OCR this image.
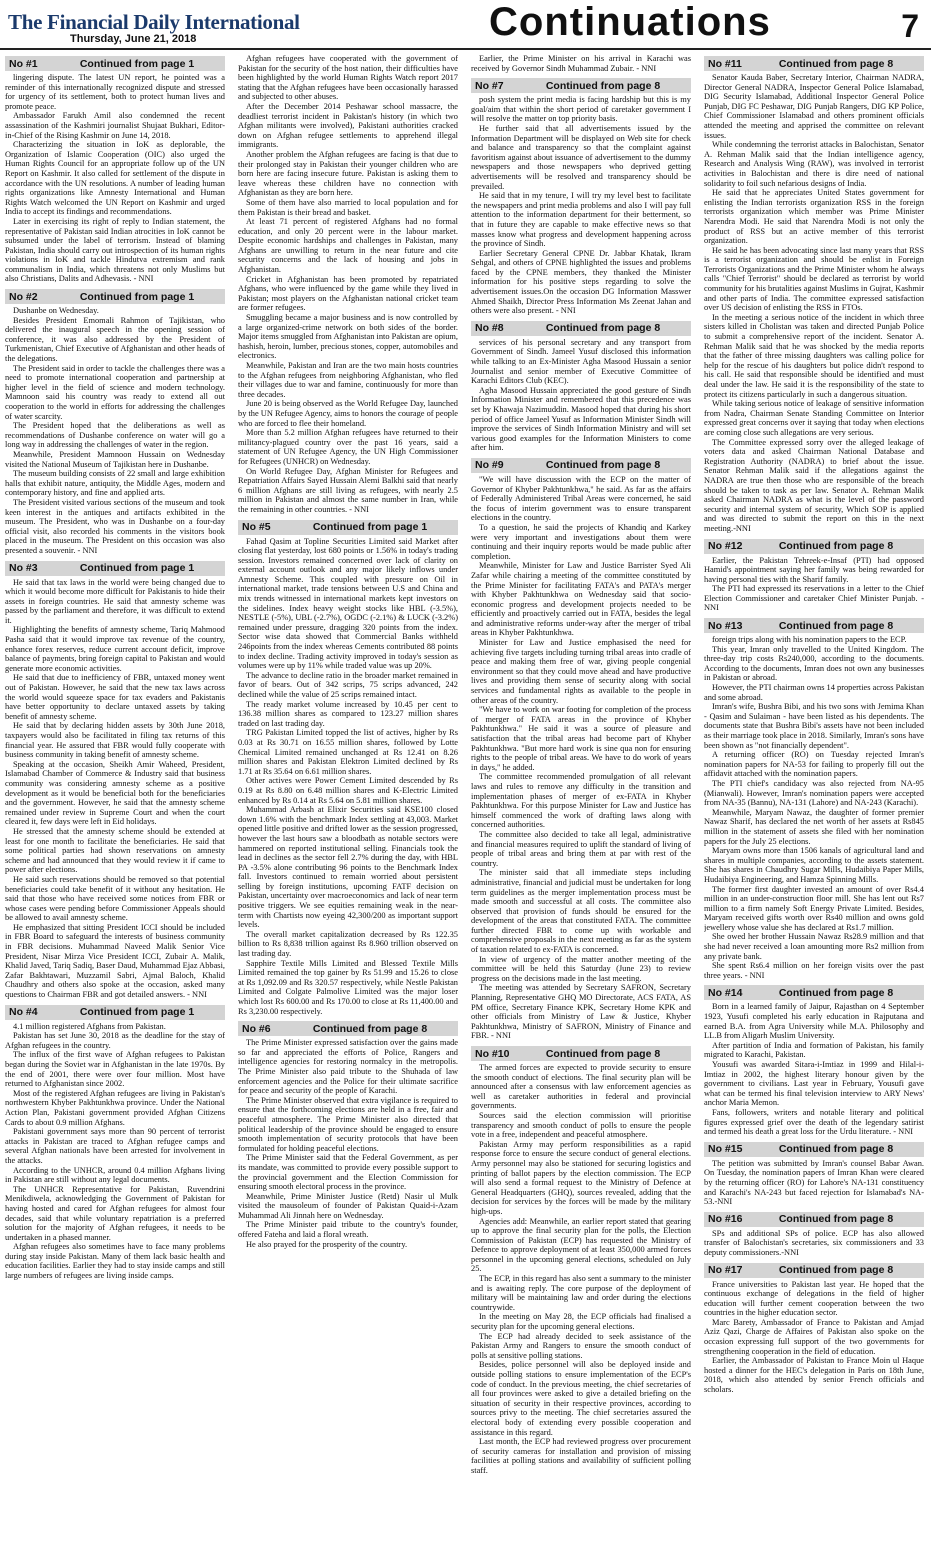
The Financial Daily International
Thursday, June 21, 2018	Continuations	7
No #1	Continued from page 1

lingering dispute. The latest UN report, he pointed was a reminder of this internationally recognized dispute and stressed for urgency of its settlement, both to protect human lives and promote peace.

Ambassador Farukh Amil also condemned the recent assassination of the Kashmiri journalist Shujaat Bukhari, Editor-in-Chief of the Rising Kashmir on June 14, 2018.

Characterizing the situation in IoK as deplorable, the Organization of Islamic Cooperation (OIC) also urged the Human Rights Council for an appropriate follow up of the UN Report on Kashmir. It also called for settlement of the dispute in accordance with the UN resolutions. A number of leading human rights organizations like Amnesty International and Human Rights Watch welcomed the UN Report on Kashmir and urged India to accept its findings and recommendations.

Later in exercising its right of reply to Indian statement, the representative of Pakistan said Indian atrocities in IoK cannot be subsumed under the label of terrorism. Instead of blaming Pakistan, India should carry out introspection of its human rights violations in IoK and tackle Hindutva extremism and rank communalism in India, which threatens not only Muslims but also Christians, Dalits and Adhevasis. - NNI

No #2	Continued from page 1

Dushanbe on Wednesday.

Besides President Emomali Rahmon of Tajikistan, who delivered the inaugural speech in the opening session of conference, it was also addressed by the President of Turkmenistan, Chief Executive of Afghanistan and other heads of the delegations.

The President said in order to tackle the challenges there was a need to promote international cooperation and partnership at higher level in the field of science and modern technology. Mamnoon said his country was ready to extend all out cooperation to the world in efforts for addressing the challenges of water scarcity.

The President hoped that the deliberations as well as recommendations of Dushanbe conference on water will go a long way in addressing the challenges of water in the region.

Meanwhile, President Mamnoon Hussain on Wednesday visited the National Museum of Tajikistan here in Dushanbe.

The museum building consists of 22 small and large exhibition halls that exhibit nature, antiquity, the Middle Ages, modern and contemporary history, and fine and applied arts.

The President visited various sections of the museum and took keen interest in the antiques and artifacts exhibited in the museum. The President, who was in Dushanbe on a four-day official visit, also recorded his comments in the visitors book placed in the museum. The President on this occasion was also presented a souvenir. - NNI

No #3	Continued from page 1

He said that tax laws in the world were being changed due to which it would become more difficult for Pakistanis to hide their assets in foreign countries. He said that amnesty scheme was passed by the parliament and therefore, it was difficult to extend it.

Highlighting the benefits of amnesty scheme, Tariq Mahmood Pasha said that it would improve tax revenue of the country, enhance forex reserves, reduce current account deficit, improve balance of payments, bring foreign capital to Pakistan and would generate more economic activities.

He said that due to inefficiency of FBR, untaxed money went out of Pakistan. However, he said that the new tax laws across the world would squeeze space for tax evaders and Pakistanis have better opportunity to declare untaxed assets by taking benefit of amnesty scheme.

He said that by declaring hidden assets by 30th June 2018, taxpayers would also be facilitated in filing tax returns of this financial year. He assured that FBR would fully cooperate with business community in taking benefit of amnesty scheme.

Speaking at the occasion, Sheikh Amir Waheed, President, Islamabad Chamber of Commerce & Industry said that business community was considering amnesty scheme as a positive development as it would be beneficial both for the beneficiaries and the government. However, he said that the amnesty scheme remained under review in Supreme Court and when the court cleared it, few days were left in Eid holidays.

He stressed that the amnesty scheme should be extended at least for one month to facilitate the beneficiaries. He said that some political parties had shown reservations on amnesty scheme and had announced that they would review it if came to power after elections.

He said such reservations should be removed so that potential beneficiaries could take benefit of it without any hesitation. He said that those who have received some notices from FBR or whose cases were pending before Commissioner Appeals should be allowed to avail amnesty scheme.

He emphasized that sitting President ICCI should be included in FBR Board to safeguard the interests of business community in FBR decisions. Muhammad Naveed Malik Senior Vice President, Nisar Mirza Vice President ICCI, Zubair A. Malik, Khalid Javed, Tariq Sadiq, Baser Daud, Muhammad Ejaz Abbasi, Zafar Bakhtawari, Muzzamil Sabri, Ajmal Baloch, Khalid Chaudhry and others also spoke at the occasion, asked many questions to Chairman FBR and got detailed answers. - NNI

No #4	Continued from page 1

4.1 million registered Afghans from Pakistan.

Pakistan has set June 30, 2018 as the deadline for the stay of Afghan refugees in the country.

The influx of the first wave of Afghan refugees to Pakistan began during the Soviet war in Afghanistan in the late 1970s. By the end of 2001, there were over four million. Most have returned to Afghanistan since 2002.

Most of the registered Afghan refugees are living in Pakistan's northwestern Khyber Pakhtunkhwa province. Under the National Action Plan, Pakistani government provided Afghan Citizens Cards to about 0.9 million Afghans.

Pakistani government says more than 90 percent of terrorist attacks in Pakistan are traced to Afghan refugee camps and several Afghan nationals have been arrested for involvement in the attacks.

According to the UNHCR, around 0.4 million Afghans living in Pakistan are still without any legal documents.

The UNHCR Representative for Pakistan, Ruvendrini Menikdiwela, acknowledging the Government of Pakistan for having hosted and cared for Afghan refugees for almost four decades, said that while voluntary repatriation is a preferred solution for the majority of Afghan refugees, it needs to be undertaken in a phased manner.

Afghan refugees also sometimes have to face many problems during stay inside Pakistan. Many of them lack basic health and education facilities. Earlier they had to stay inside camps and still large numbers of refugees are living inside camps.

Afghan refugees have cooperated with the government of Pakistan for the security of the host nation, their difficulties have been highlighted by the world Human Rights Watch report 2017 stating that the Afghan refugees have been occasionally harassed and subjected to other abuses.

After the December 2014 Peshawar school massacre, the deadliest terrorist incident in Pakistan's history (in which two Afghan militants were involved), Pakistani authorities cracked down on Afghan refugee settlements to apprehend illegal immigrants.

Another problem the Afghan refugees are facing is that due to their prolonged stay in Pakistan their younger children who are born here are facing insecure future. Pakistan is asking them to leave whereas these children have no connection with Afghanistan as they are born here.

Some of them have also married to local population and for them Pakistan is their bread and basket.

At least 71 percent of registered Afghans had no formal education, and only 20 percent were in the labour market. Despite economic hardships and challenges in Pakistan, many Afghans are unwilling to return in the near future and cite security concerns and the lack of housing and jobs in Afghanistan.

Cricket in Afghanistan has been promoted by repatriated Afghans, who were influenced by the game while they lived in Pakistan; most players on the Afghanistan national cricket team are former refugees.

Smuggling became a major business and is now controlled by a large organized-crime network on both sides of the border. Major items smuggled from Afghanistan into Pakistan are opium, hashish, heroin, lumber, precious stones, copper, automobiles and electronics.

Meanwhile, Pakistan and Iran are the two main hosts countries to the Afghan refugees from neighboring Afghanistan, who fled their villages due to war and famine, continuously for more than three decades.

June 20 is being observed as the World Refugee Day, launched by the UN Refugee Agency, aims to honors the courage of people who are forced to flee their homeland.

More than 5.2 million Afghan refugees have returned to their militancy-plagued country over the past 16 years, said a statement of UN Refugee Agency, the UN High Commissioner for Refugees (UNHCR) on Wednesday.

On World Refugee Day, Afghan Minister for Refugees and Repatriation Affairs Sayed Hussain Alemi Balkhi said that nearly 6 million Afghans are still living as refugees, with nearly 2.5 million in Pakistan and almost the same number in Iran, while the remaining in other countries. - NNI

No #5	Continued from page 1

Fahad Qasim at Topline Securities Limited said Market after closing flat yesterday, lost 680 points or 1.56% in today's trading session. Investors remained concerned over lack of clarity on external account outlook and any major likely inflows under Amnesty Scheme. This coupled with pressure on Oil in international market, trade tensions between U.S and China and mix trends witnessed in international markets kept investors on the sidelines. Index heavy weight stocks like HBL (-3.5%), NESTLE (-5%), UBL (-2.7%), OGDC (-2.1%) & LUCK (-3.2%) remained under pressure, dragging 320 points from the index. Sector wise data showed that Commercial Banks withheld 246points from the index whereas Cements contributed 88 points to index decline. Trading activity improved in today's session as volumes were up by 11% while traded value was up 20%.

The advance to decline ratio in the broader market remained in favor of bears. Out of 342 scrips, 75 scrips advanced, 242 declined while the value of 25 scrips remained intact.

The ready market volume increased by 10.45 per cent to 136.38 million shares as compared to 123.27 million shares traded on last trading day.

TRG Pakistan Limited topped the list of actives, higher by Rs 0.03 at Rs 30.71 on 16.55 million shares, followed by Lotte Chemical Limited remained unchanged at Rs 12.41 on 8.26 million shares and Pakistan Elektron Limited declined by Rs 1.71 at Rs 35.64 on 6.61 million shares.

Other actives were Power Cement Limited descended by Rs 0.19 at Rs 8.80 on 6.48 million shares and K-Electric Limited enhanced by Rs 0.14 at Rs 5.64 on 5.81 million shares.

Muhammad Arbash at Elixir Securities said KSE100 closed down 1.6% with the benchmark Index settling at 43,003. Market opened little positive and drifted lower as the session progressed, however the last hours saw a bloodbath as notable sectors were hammered on reported institutional selling. Financials took the lead in declines as the sector fell 2.7% during the day, with HBL PA -3.5% alone contributing 96 points to the Benchmark Index fall. Investors continued to remain worried about persistent selling by foreign institutions, upcoming FATF decision on Pakistan, uncertainty over macroeconomics and lack of near term positive triggers. We see equities remaining weak in the near-term with Chartists now eyeing 42,300/200 as important support levels.

The overall market capitalization decreased by Rs 122.35 billion to Rs 8,838 trillion against Rs 8.960 trillion observed on last trading day.

Sapphire Textile Mills Limited and Blessed Textile Mills Limited remained the top gainer by Rs 51.99 and 15.26 to close at Rs 1,092.09 and Rs 320.57 respectively, while Nestle Pakistan Limited and Colgate Palmolive Limited was the major loser which lost Rs 600.00 and Rs 170.00 to close at Rs 11,400.00 and Rs 3,230.00 respectively.

No #6	Continued from page 8

The Prime Minister expressed satisfaction over the gains made so far and appreciated the efforts of Police, Rangers and intelligence agencies for restoring normalcy in the metropolis. The Prime Minister also paid tribute to the Shuhada of law enforcement agencies and the Police for their ultimate sacrifice for peace and security of the people of Karachi.

The Prime Minister observed that extra vigilance is required to ensure that the forthcoming elections are held in a free, fair and peaceful atmosphere. The Prime Minister also directed that political leadership of the province should be engaged to ensure smooth implementation of security protocols that have been formulated for holding peaceful elections.

The Prime Minister said that the Federal Government, as per its mandate, was committed to provide every possible support to the provincial government and the Election Commission for ensuring smooth electoral process in the province.

Meanwhile, Prime Minister Justice (Retd) Nasir ul Mulk visited the mausoleum of founder of Pakistan Quaid-i-Azam Muhammad Ali Jinnah here on Wednesday.

The Prime Minister paid tribute to the country's founder, offered Fateha and laid a floral wreath.

He also prayed for the prosperity of the country.

Earlier, the Prime Minister on his arrival in Karachi was received by Governor Sindh Muhammad Zubair. - NNI

No #7	Continued from page 8

posh system the print media is facing hardship but this is my goal/aim that within the short period of caretaker government I will resolve the matter on top priority basis.

He further said that all advertisements issued by the Information Department will be displayed on Web site for check and balance and transparency so that the complaint against favoritism against about issuance of advertisement to the dummy newspapers and those newspapers who deprived getting advertisements will be resolved and transparency should be prevailed.

He said that in my tenure, I will try my level best to facilitate the newspapers and print media problems and also I will pay full attention to the information department for their betterment, so that in future they are capable to make effective news so that masses know what progress and development happening across the province of Sindh.

Earlier Secretary General CPNE Dr. Jabbar Khatak, Ikram Sehgal, and others of CPNE highlighted the issues and problems faced by the CPNE members, they thanked the Minister information for his positive steps regarding to solve the advertisement issues.On the occasion DG Information Masswer Ahmed Shaikh, Director Press Information Ms Zeenat Jahan and others were also present. - NNI

No #8	Continued from page 8

services of his personal secretary and any transport from Government of Sindh. Jameel Yusuf disclosed this information while talking to an Ex-Minister Agha Masood Hussain a senior Journalist and senior member of Executive Committee of Karachi Editors Club (KEC).

Agha Masood Hussain appreciated the good gesture of Sindh Information Minister and remembered that this precedence was set by Khawaja Nazimuddin. Masood hoped that during his short period of office Jameel Yusuf as Information Minister Sindh will improve the services of Sindh Information Ministry and will set various good examples for the Information Ministers to come after him.

No #9	Continued from page 8

"We will have discussion with the ECP on the matter of Governor of Khyber Pakhtunkhwa," he said. As far as the affairs of Federally Administered Tribal Areas were concerned, he said the focus of interim government was to ensure transparent elections in the country.

To a question, he said the projects of Khandiq and Karkey were very important and investigations about them were continuing and their inquiry reports would be made public after completion.

Meanwhile, Minister for Law and Justice Barrister Syed Ali Zafar while chairing a meeting of the committee constituted by the Prime Minister for facilitating FATA's and PATA's merger with Khyber Pakhtunkhwa on Wednesday said that socio-economic progress and development projects needed to be efficiently and proactively carried out in FATA, besides the legal and administrative reforms under-way after the merger of tribal areas in Khyber Pakhtunkhwa.

Minister for Law and Justice emphasised the need for achieving five targets including turning tribal areas into cradle of peace and making them free of war, giving people congenial environment so that they could move ahead and have productive lives and providing them sense of security along with social services and fundamental rights as available to the people in other areas of the country.

"We have to work on war footing for completion of the process of merger of FATA areas in the province of Khyber Pakhtunkhwa." He said it was a source of pleasure and satisfaction that the tribal areas had become part of Khyber Pakhtunkhwa. "But more hard work is sine qua non for ensuring rights to the people of tribal areas. We have to do work of years in days," he added.

The committee recommended promulgation of all relevant laws and rules to remove any difficulty in the transition and implementation phases of merger of ex-FATA in Khyber Pakhtunkhwa. For this purpose Minister for Law and Justice has himself commenced the work of drafting laws along with concerned authorities.

The committee also decided to take all legal, administrative and financial measures required to uplift the standard of living of people of tribal areas and bring them at par with rest of the country.

The minister said that all immediate steps including administrative, financial and judicial must be undertaken for long term guidelines as the merger implementation process must be made smooth and successful at all costs. The committee also observed that provision of funds should be ensured for the development of the areas that constituted FATA. The committee further directed FBR to come up with workable and comprehensive proposals in the next meeting as far as the system of taxation related to ex-FATA is concerned.

In view of urgency of the matter another meeting of the committee will be held this Saturday (June 23) to review progress on the decisions made in the last meeting.

The meeting was attended by Secretary SAFRON, Secretary Planning, Representative GHQ MO Directorate, ACS FATA, AS PM office, Secretary Finance KPK, Secretary Home KPK and other officials from Ministry of Law & Justice, Khyber Pakhtunkhwa, Ministry of SAFRON, Ministry of Finance and FBR. - NNI

No #10	Continued from page 8

The armed forces are expected to provide security to ensure the smooth conduct of elections. The final security plan will be announced after a consensus with law enforcement agencies as well as caretaker authorities in federal and provincial governments.

Sources said the election commission will prioritise transparency and smooth conduct of polls to ensure the people vote in a free, independent and peaceful atmosphere.

Pakistan Army may perform responsibilities as a rapid response force to ensure the secure conduct of general elections. Army personnel may also be stationed for securing logistics and printing of ballot papers by the election commission. The ECP will also send a formal request to the Ministry of Defence at General Headquarters (GHQ), sources revealed, adding that the decision for services by the forces will be made by the military high-ups.

Agencies add: Meanwhile, an earlier report stated that gearing up to approve the final security plan for the polls, the Election Commission of Pakistan (ECP) has requested the Ministry of Defence to approve deployment of at least 350,000 armed forces personnel in the upcoming general elections, scheduled on July 25.

The ECP, in this regard has also sent a summary to the minister and is awaiting reply. The core purpose of the deployment of military will be maintaining law and order during the elections countrywide.

In the meeting on May 28, the ECP officials had finalised a security plan for the upcoming general elections.

The ECP had already decided to seek assistance of the Pakistan Army and Rangers to ensure the smooth conduct of polls at sensitive polling stations.

Besides, police personnel will also be deployed inside and outside polling stations to ensure implementation of the ECP's code of conduct. In the previous meeting, the chief secretaries of all four provinces were asked to give a detailed briefing on the situation of security in their respective provinces, according to sources privy to the meeting. The chief secretaries assured the electoral body of extending every possible cooperation and assistance in this regard.

Last month, the ECP had reviewed progress over procurement of security cameras for installation and provision of missing facilities at polling stations and availability of sufficient polling staff.

No #11	Continued from page 8

Senator Kauda Baber, Secretary Interior, Chairman NADRA, Director General NADRA, Inspector General Police Islamabad, DIG Security Islamabad, Additional Inspector General Police Punjab, DIG FC Peshawar, DIG Punjab Rangers, DIG KP Police, Chief Commissioner Islamabad and others prominent officials attended the meeting and apprised the committee on relevant issues.

While condemning the terrorist attacks in Balochistan, Senator A. Rehman Malik said that the Indian intelligence agency, Research and Analysis Wing (RAW), was involved in terrorist activities in Balochistan and there is dire need of national solidarity to foil such nefarious designs of India.

He said that he appreciates United States government for enlisting the Indian terrorists organization RSS in the foreign terrorists organization which member was Prime Minister Narendra Modi. He said that Narendra Modi is not only the product of RSS but an active member of this terrorist organization.

He said he has been advocating since last many years that RSS is a terrorist organization and should be enlist in Foreign Terrorists Organizations and the Prime Minister whom he always calls "Chief Terrorist" should be declared as terrorist by world community for his brutalities against Muslims in Gujrat, Kashmir and other parts of India. The committee expressed satisfaction over US decision of enlisting the RSS in FTOs.

In the meeting a serious notice of the incident in which three sisters killed in Cholistan was taken and directed Punjab Police to submit a comprehensive report of the incident. Senator A. Rehman Malik said that he was shocked by the media reports that the father of three missing daughters was calling police for help for the rescue of his daughters but police didn't respond to his call. He said that responsible should be identified and must deal under the law. He said it is the responsibility of the state to protect its citizens particularly in such a dangerous situation.

While taking serious notice of leakage of sensitive information from Nadra, Chairman Senate Standing Committee on Interior expressed great concerns over it saying that today when elections are coming close such allegations are very serious.

The Committee expressed sorry over the alleged leakage of voters data and asked Chairman National Database and Registration Authority (NADRA) to brief about the issue. Senator Rehman Malik said if the allegations against the NADRA are true then those who are responsible of the breach should be taken to task as per law. Senator A. Rehman Malik asked Chairman NADRA as what is the level of the password security and internal system of security, Which SOP is applied and was directed to submit the report on this in the next meeting.-NNI

No #12	Continued from page 8

Earlier, the Pakistan Tehreek-e-Insaf (PTI) had opposed Hamid's appointment saying her family was being rewarded for having personal ties with the Sharif family.

The PTI had expressed its reservations in a letter to the Chief Election Commissioner and caretaker Chief Minister Punjab. - NNI

No #13	Continued from page 8

foreign trips along with his nomination papers to the ECP.

This year, Imran only travelled to the United Kingdom. The three-day trip costs Rs240,000, according to the documents. According to the documents, Imran does not own any businesses in Pakistan or abroad.

However, the PTI chairman owns 14 properties across Pakistan and some abroad.

Imran's wife, Bushra Bibi, and his two sons with Jemima Khan - Qasim and Sulaiman - have been listed as his dependents. The documents state that Bushra Bibi's assets have not been included as their marriage took place in 2018. Similarly, Imran's sons have been shown as "not financially dependent".

A returning officer (RO) on Tuesday rejected Imran's nomination papers for NA-53 for failing to properly fill out the affidavit attached with the nomination papers.

The PTI chief's candidacy was also rejected from NA-95 (Mianwali). However, Imran's nomination papers were accepted from NA-35 (Bannu), NA-131 (Lahore) and NA-243 (Karachi).

Meanwhile, Maryam Nawaz, the daughter of former premier Nawaz Sharif, has declared the net worth of her assets at Rs845 million in the statement of assets she filed with her nomination papers for the July 25 elections.

Maryam owns more than 1506 kanals of agricultural land and shares in multiple companies, according to the assets statement. She has shares in Chaudhry Sugar Mills, Hudaibiya Paper Mills, Hudaibiya Engineering, and Hamza Spinning Mills.

The former first daughter invested an amount of over Rs4.4 million in an under-construction floor mill. She has lent out Rs7 million to a firm namely Soft Energy Private Limited. Besides, Maryam received gifts worth over Rs40 million and owns gold jewellery whose value she has declared at Rs1.7 million.

She owed her brother Hussain Nawaz Rs28.9 million and that she had never received a loan amounting more Rs2 million from any private bank.

She spent Rs6.4 million on her foreign visits over the past three years. - NNI

No #14	Continued from page 8

Born in a learned family of Jaipur, Rajasthan on 4 September 1923, Yusufi completed his early education in Rajputana and earned B.A. from Agra University while M.A. Philosophy and LL.B from Aligarh Muslim University.

After partition of India and formation of Pakistan, his family migrated to Karachi, Pakistan.

Yousufi was awarded Sitara-i-Imtiaz in 1999 and Hilal-i-Imtiaz in 2002, the highest literary honour given by the government to civilians. Last year in February, Yousufi gave what can be termed his final television interview to ARY News' anchor Maria Memon.

Fans, followers, writers and notable literary and political figures expressed grief over the death of the legendary satirist and termed his death a great loss for the Urdu literature. - NNI

No #15	Continued from page 8

The petition was submitted by Imran's counsel Babar Awan. On Tuesday, the nomination papers of Imran Khan were cleared by the returning officer (RO) for Lahore's NA-131 constituency and Karachi's NA-243 but faced rejection for Islamabad's NA-53.-NNI

No #16	Continued from page 8

SPs and additional SPs of police. ECP has also allowed transfer of Balochistan's secretaries, six commissioners and 33 deputy commissioners.-NNI

No #17	Continued from page 8

France universities to Pakistan last year. He hoped that the continuous exchange of delegations in the field of higher education will further cement cooperation between the two countries in the higher education sector.

Marc Barety, Ambassador of France to Pakistan and Amjad Aziz Qazi, Charge de Affaires of Pakistan also spoke on the occasion expressing full support of the two governments for strengthening cooperation in the field of education.

Earlier, the Ambassador of Pakistan to France Moin ul Haque hosted a dinner for the HEC's delegation in Paris on 18th June, 2018, which also attended by senior French officials and scholars.
